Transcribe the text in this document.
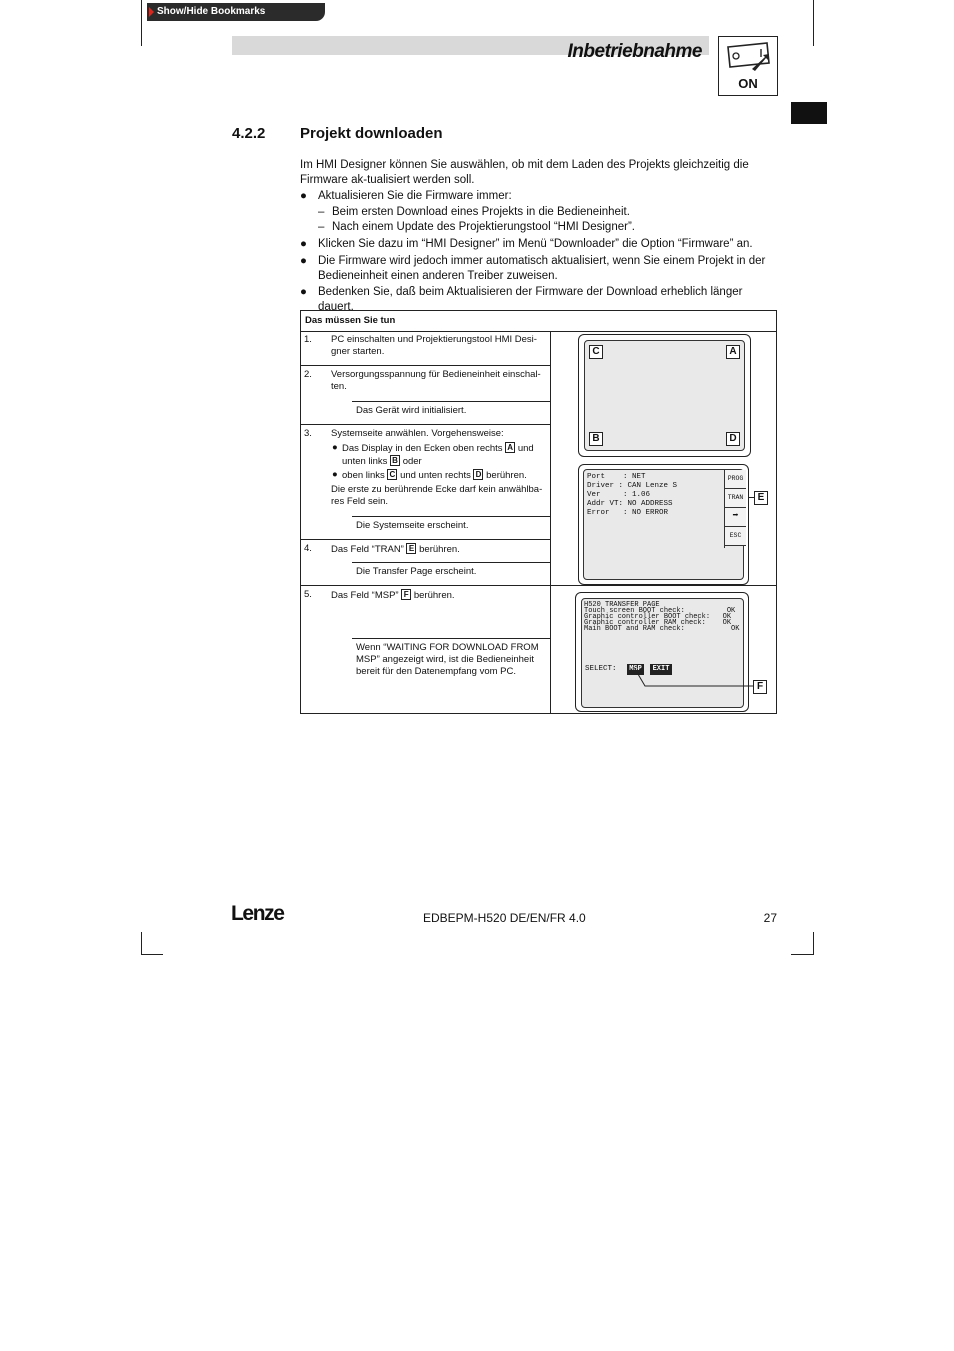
Show/Hide Bookmarks
Inbetriebnahme
ON
4.2.2 Projekt downloaden
Im HMI Designer können Sie auswählen, ob mit dem Laden des Projekts gleichzeitig die Firmware ak-tualisiert werden soll.
● Aktualisieren Sie die Firmware immer:
– Beim ersten Download eines Projekts in die Bedieneinheit.
– Nach einem Update des Projektierungstool “HMI Designer”.
● Klicken Sie dazu im “HMI Designer” im Menü “Downloader” die Option “Firmware” an.
● Die Firmware wird jedoch immer automatisch aktualisiert, wenn Sie einem Projekt in der Bedieneinheit einen anderen Treiber zuweisen.
● Bedenken Sie, daß beim Aktualisieren der Firmware der Download erheblich länger dauert.
Das müssen Sie tun
1. PC einschalten und Projektierungstool HMI Desi-gner starten.
2. Versorgungsspannung für Bedieneinheit einschal-ten.
Das Gerät wird initialisiert.
3. Systemseite anwählen. Vorgehensweise:
● Das Display in den Ecken oben rechts A und
unten links B oder
● oben links C und unten rechts D berühren.
Die erste zu berührende Ecke darf kein anwählba-res Feld sein.
Die Systemseite erscheint.
4. Das Feld “TRAN” E berühren.
Die Transfer Page erscheint.
5. Das Feld “MSP” F berühren.
Wenn “WAITING FOR DOWNLOAD FROM MSP” angezeigt wird, ist die Bedieneinheit bereit für den Datenempfang vom PC.
C	A
B	D
Port    : NET
Driver : CAN Lenze S
Ver     : 1.06
Addr VT: NO ADDRESS
Error   : NO ERROR
PROG
TRAN
➡
ESC
E
H520 TRANSFER PAGE
Touch screen BOOT check:          OK
Graphic controller BOOT check:   OK
Graphic controller RAM check:    OK
Main BOOT and RAM check:           OK
SELECT:	MSP	EXIT
F
Lenze	EDBEPM-H520 DE/EN/FR 4.0	27
